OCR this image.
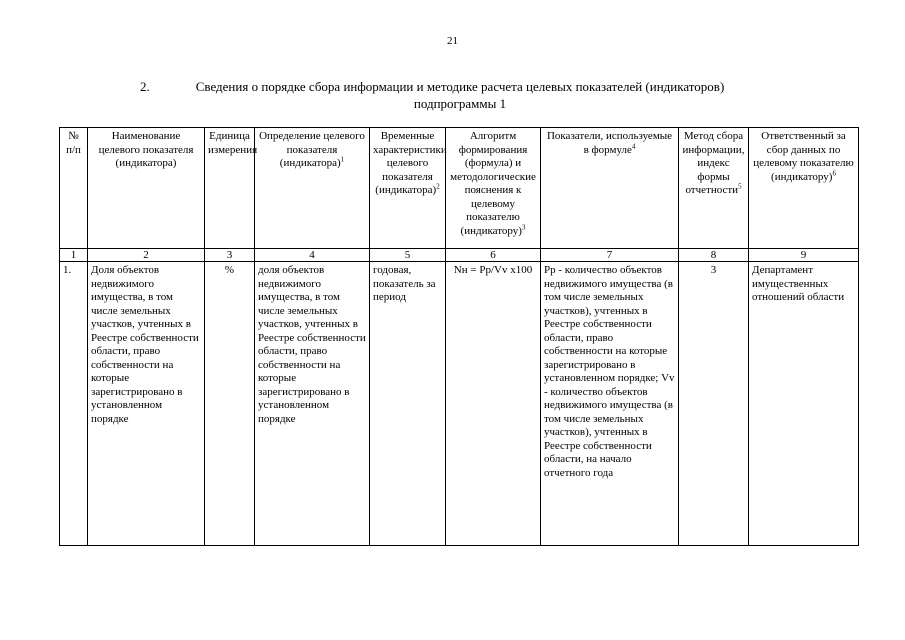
21
2.	Сведения о порядке сбора информации и методике расчета целевых показателей (индикаторов)
подпрограммы 1
№ п/п	Наименование целевого показателя (индикатора)	Единица измерения	Определение целевого показателя (индикатора)$^1$	Временные характеристики целевого показателя (индикатора)$^2$	Алгоритм формирования (формула) и методологические пояснения к целевому показателю (индикатору)$^3$	Показатели, используемые в формуле$^4$	Метод сбора информации, индекс формы отчетности$^5$	Ответственный за сбор данных по целевому показателю (индикатору)$^6$
1	2	3	4	5	6	7	8	9
1.	Доля объектов недвижимого имущества, в том числе земельных участков, учтенных в Реестре собственности области, право собственности на которые зарегистрировано в установленном порядке	%	доля объектов недвижимого имущества, в том числе земельных участков, учтенных в Реестре собственности области, право собственности на которые зарегистрировано в установленном порядке	годовая, показатель за период	Nн = Pp/Vv x100	Pp - количество объектов недвижимого имущества (в том числе земельных участков), учтенных в Реестре собственности области, право собственности на которые зарегистрировано в установленном порядке; Vv - количество объектов недвижимого имущества (в том числе земельных участков), учтенных в Реестре собственности области, на начало отчетного года	3	Департамент имущественных отношений области
